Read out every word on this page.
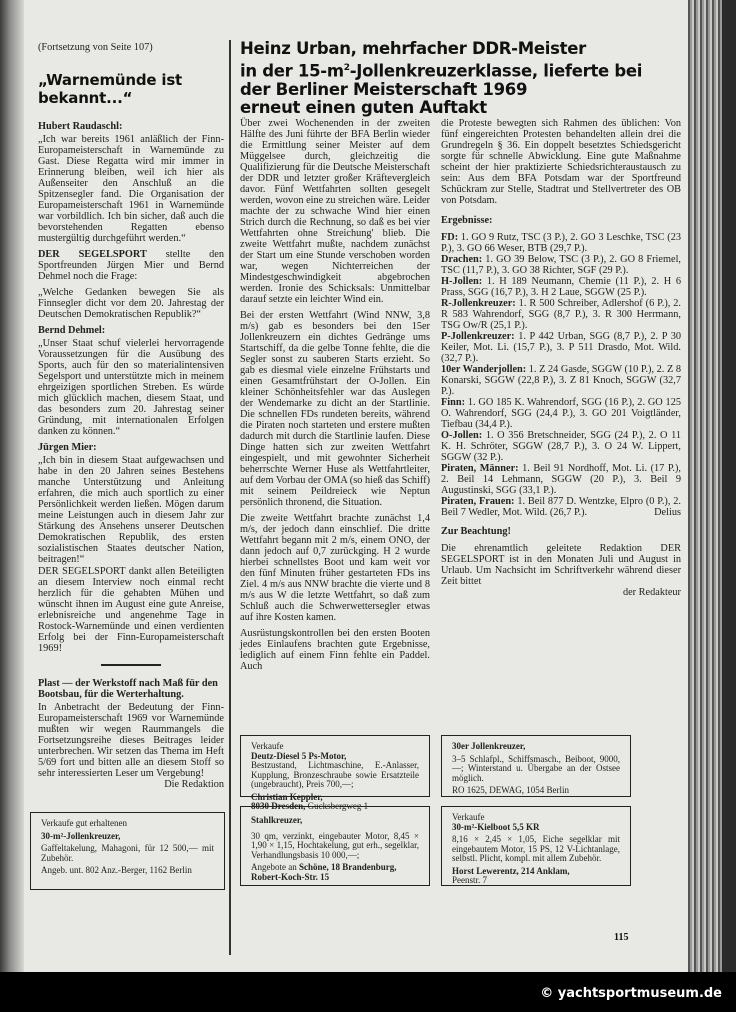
(Fortsetzung von Seite 107)

„Warnemünde ist bekannt...“

Hubert Raudaschl:

„Ich war bereits 1961 anläßlich der Finn-Europameisterschaft in Warnemünde zu Gast. Diese Regatta wird mir immer in Erinnerung bleiben, weil ich hier als Außenseiter den Anschluß an die Spitzensegler fand. Die Organisation der Europameisterschaft 1961 in Warnemünde war vorbildlich. Ich bin sicher, daß auch die bevorstehenden Regatten ebenso mustergültig durchgeführt werden.“

DER SEGELSPORT stellte den Sportfreunden Jürgen Mier und Bernd Dehmel noch die Frage:

„Welche Gedanken bewegen Sie als Finnsegler dicht vor dem 20. Jahrestag der Deutschen Demokratischen Republik?“

Bernd Dehmel:

„Unser Staat schuf vielerlei hervorragende Voraussetzungen für die Ausübung des Sports, auch für den so materialintensiven Segelsport und unterstützte mich in meinem ehrgeizigen sportlichen Streben. Es würde mich glücklich machen, diesem Staat, und das besonders zum 20. Jahrestag seiner Gründung, mit internationalen Erfolgen danken zu können.“

Jürgen Mier:

„Ich bin in diesem Staat aufgewachsen und habe in den 20 Jahren seines Bestehens manche Unterstützung und Anleitung erfahren, die mich auch sportlich zu einer Persönlichkeit werden ließen. Mögen darum meine Leistungen auch in diesem Jahr zur Stärkung des Ansehens unserer Deutschen Demokratischen Republik, des ersten sozialistischen Staates deutscher Nation, beitragen!“

DER SEGELSPORT dankt allen Beteiligten an diesem Interview noch einmal recht herzlich für die gehabten Mühen und wünscht ihnen im August eine gute Anreise, erlebnisreiche und angenehme Tage in Rostock-Warnemünde und einen verdienten Erfolg bei der Finn-Europameisterschaft 1969!

Plast — der Werkstoff nach Maß für den Bootsbau, für die Werterhaltung.

In Anbetracht der Bedeutung der Finn-Europameisterschaft 1969 vor Warnemünde mußten wir wegen Raummangels die Fortsetzungsreihe dieses Beitrages leider unterbrechen. Wir setzen das Thema im Heft 5/69 fort und bitten alle an diesem Stoff so sehr interessierten Leser um Vergebung!
Die Redaktion

Heinz Urban, mehrfacher DDR-Meister
in der $15-m^2$-Jollenkreuzerklasse, lieferte bei
der Berliner Meisterschaft 1969
erneut einen guten Auftakt

Über zwei Wochenenden in der zweiten Hälfte des Juni führte der BFA Berlin wieder die Ermittlung seiner Meister auf dem Müggelsee durch, gleichzeitig die Qualifizierung für die Deutsche Meisterschaft der DDR und letzter großer Kräftevergleich davor. Fünf Wettfahrten sollten gesegelt werden, wovon eine zu streichen wäre. Leider machte der zu schwache Wind hier einen Strich durch die Rechnung, so daß es bei vier Wettfahrten ohne Streichung' blieb. Die zweite Wettfahrt mußte, nachdem zunächst der Start um eine Stunde verschoben worden war, wegen Nichterreichen der Mindestgeschwindigkeit abgebrochen werden. Ironie des Schicksals: Unmittelbar darauf setzte ein leichter Wind ein.

Bei der ersten Wettfahrt (Wind NNW, 3,8 m/s) gab es besonders bei den 15er Jollenkreuzern ein dichtes Gedränge ums Startschiff, da die gelbe Tonne fehlte, die die Segler sonst zu sauberen Starts erzieht. So gab es diesmal viele einzelne Frühstarts und einen Gesamtfrühstart der O-Jollen. Ein kleiner Schönheitsfehler war das Auslegen der Wendemarke zu dicht an der Startlinie. Die schnellen FDs rundeten bereits, während die Piraten noch starteten und erstere mußten dadurch mit durch die Startlinie laufen. Diese Dinge hatten sich zur zweiten Wettfahrt eingespielt, und mit gewohnter Sicherheit beherrschte Werner Huse als Wettfahrtleiter, auf dem Vorbau der OMA (so hieß das Schiff) mit seinem Peildreieck wie Neptun persönlich thronend, die Situation.

Die zweite Wettfahrt brachte zunächst 1,4 m/s, der jedoch dann einschlief. Die dritte Wettfahrt begann mit 2 m/s, einem ONO, der dann jedoch auf 0,7 zurückging. H 2 wurde hierbei schnellstes Boot und kam weit vor den fünf Minuten früher gestarteten FDs ins Ziel. 4 m/s aus NNW brachte die vierte und 8 m/s aus W die letzte Wettfahrt, so daß zum Schluß auch die Schwerwettersegler etwas auf ihre Kosten kamen.

Ausrüstungskontrollen bei den ersten Booten jedes Einlaufens brachten gute Ergebnisse, lediglich auf einem Finn fehlte ein Paddel. Auch

die Proteste bewegten sich Rahmen des üblichen: Von fünf eingereichten Protesten behandelten allein drei die Grundregeln § 36. Ein doppelt besetztes Schiedsgericht sorgte für schnelle Abwicklung. Eine gute Maßnahme scheint der hier praktizierte Schiedsrichteraustausch zu sein: Aus dem BFA Potsdam war der Sportfreund Schückram zur Stelle, Stadtrat und Stellvertreter des OB von Potsdam.

Ergebnisse:

FD: 1. GO 9 Rutz, TSC (3 P.), 2. GO 3 Leschke, TSC (23 P.), 3. GO 66 Weser, BTB (29,7 P.).

Drachen: 1. GO 39 Below, TSC (3 P.), 2. GO 8 Friemel, TSC (11,7 P.), 3. GO 38 Richter, SGF (29 P.).

H-Jollen: 1. H 189 Neumann, Chemie (11 P.), 2. H 6 Prass, SGG (16,7 P.), 3. H 2 Laue, SGGW (25 P.).

R-Jollenkreuzer: 1. R 500 Schreiber, Adlershof (6 P.), 2. R 583 Wahrendorf, SGG (8,7 P.), 3. R 300 Herrmann, TSG Ow/R (25,1 P.).

P-Jollenkreuzer: 1. P 442 Urban, SGG (8,7 P.), 2. P 30 Keiler, Mot. Li. (15,7 P.), 3. P 511 Drasdo, Mot. Wild. (32,7 P.).

10er Wanderjollen: 1. Z 24 Gasde, SGGW (10 P.), 2. Z 8 Konarski, SGGW (22,8 P.), 3. Z 81 Knoch, SGGW (32,7 P.).

Finn: 1. GO 185 K. Wahrendorf, SGG (16 P.), 2. GO 125 O. Wahrendorf, SGG (24,4 P.), 3. GO 201 Voigtländer, Tiefbau (34,4 P.).

O-Jollen: 1. O 356 Bretschneider, SGG (24 P.), 2. O 11 K. H. Schröter, SGGW (28,7 P.), 3. O 24 W. Lippert, SGGW (32 P.).

Piraten, Männer: 1. Beil 91 Nordhoff, Mot. Li. (17 P.), 2. Beil 14 Lehmann, SGGW (20 P.), 3. Beil 9 Augustinski, SGG (33,1 P.).

Piraten, Frauen: 1. Beil 877 D. Wentzke, Elpro (0 P.), 2. Beil 7 Wedler, Mot. Wild. (26,7 P.).	Delius

Zur Beachtung!

Die ehrenamtlich geleitete Redaktion DER SEGELSPORT ist in den Monaten Juli und August in Urlaub. Um Nachsicht im Schriftverkehr während dieser Zeit bittet

der Redakteur

Verkaufe gut erhaltenen

30-m²-Jollenkreuzer,

Gaffeltakelung, Mahagoni, für 12 500,— mit Zubehör.

Angeb. unt. 802 Anz.-Berger, 1162 Berlin

Verkaufe

Deutz-Diesel 5 Ps-Motor,

Bestzustand, Lichtmaschine, E.-Anlasser, Kupplung, Bronzeschraube sowie Ersatzteile (ungebraucht), Preis 700,—;

Christian Keppler,

8030 Dresden, Gucksbergweg 1

30er Jollenkreuzer,

3–5 Schlafpl., Schiffsmasch., Beiboot, 9000,—; Winterstand u. Übergabe an der Ostsee möglich.

RO 1625, DEWAG, 1054 Berlin

Stahlkreuzer,

30 qm, verzinkt, eingebauter Motor, 8,45 × 1,90 × 1,15, Hochtakelung, gut erh., segelklar, Verhandlungsbasis 10 000,—;

Angebote an Schöne, 18 Brandenburg,

Robert-Koch-Str. 15

Verkaufe

30-m²-Kielboot 5,5 KR

8,16 × 2,45 × 1,05, Eiche segelklar mit eingebautem Motor, 15 PS, 12 V-Lichtanlage, selbstl. Plicht, kompl. mit allem Zubehör.

Horst Lewerentz, 214 Anklam,

Peenstr. 7

115
© yachtsportmuseum.de
